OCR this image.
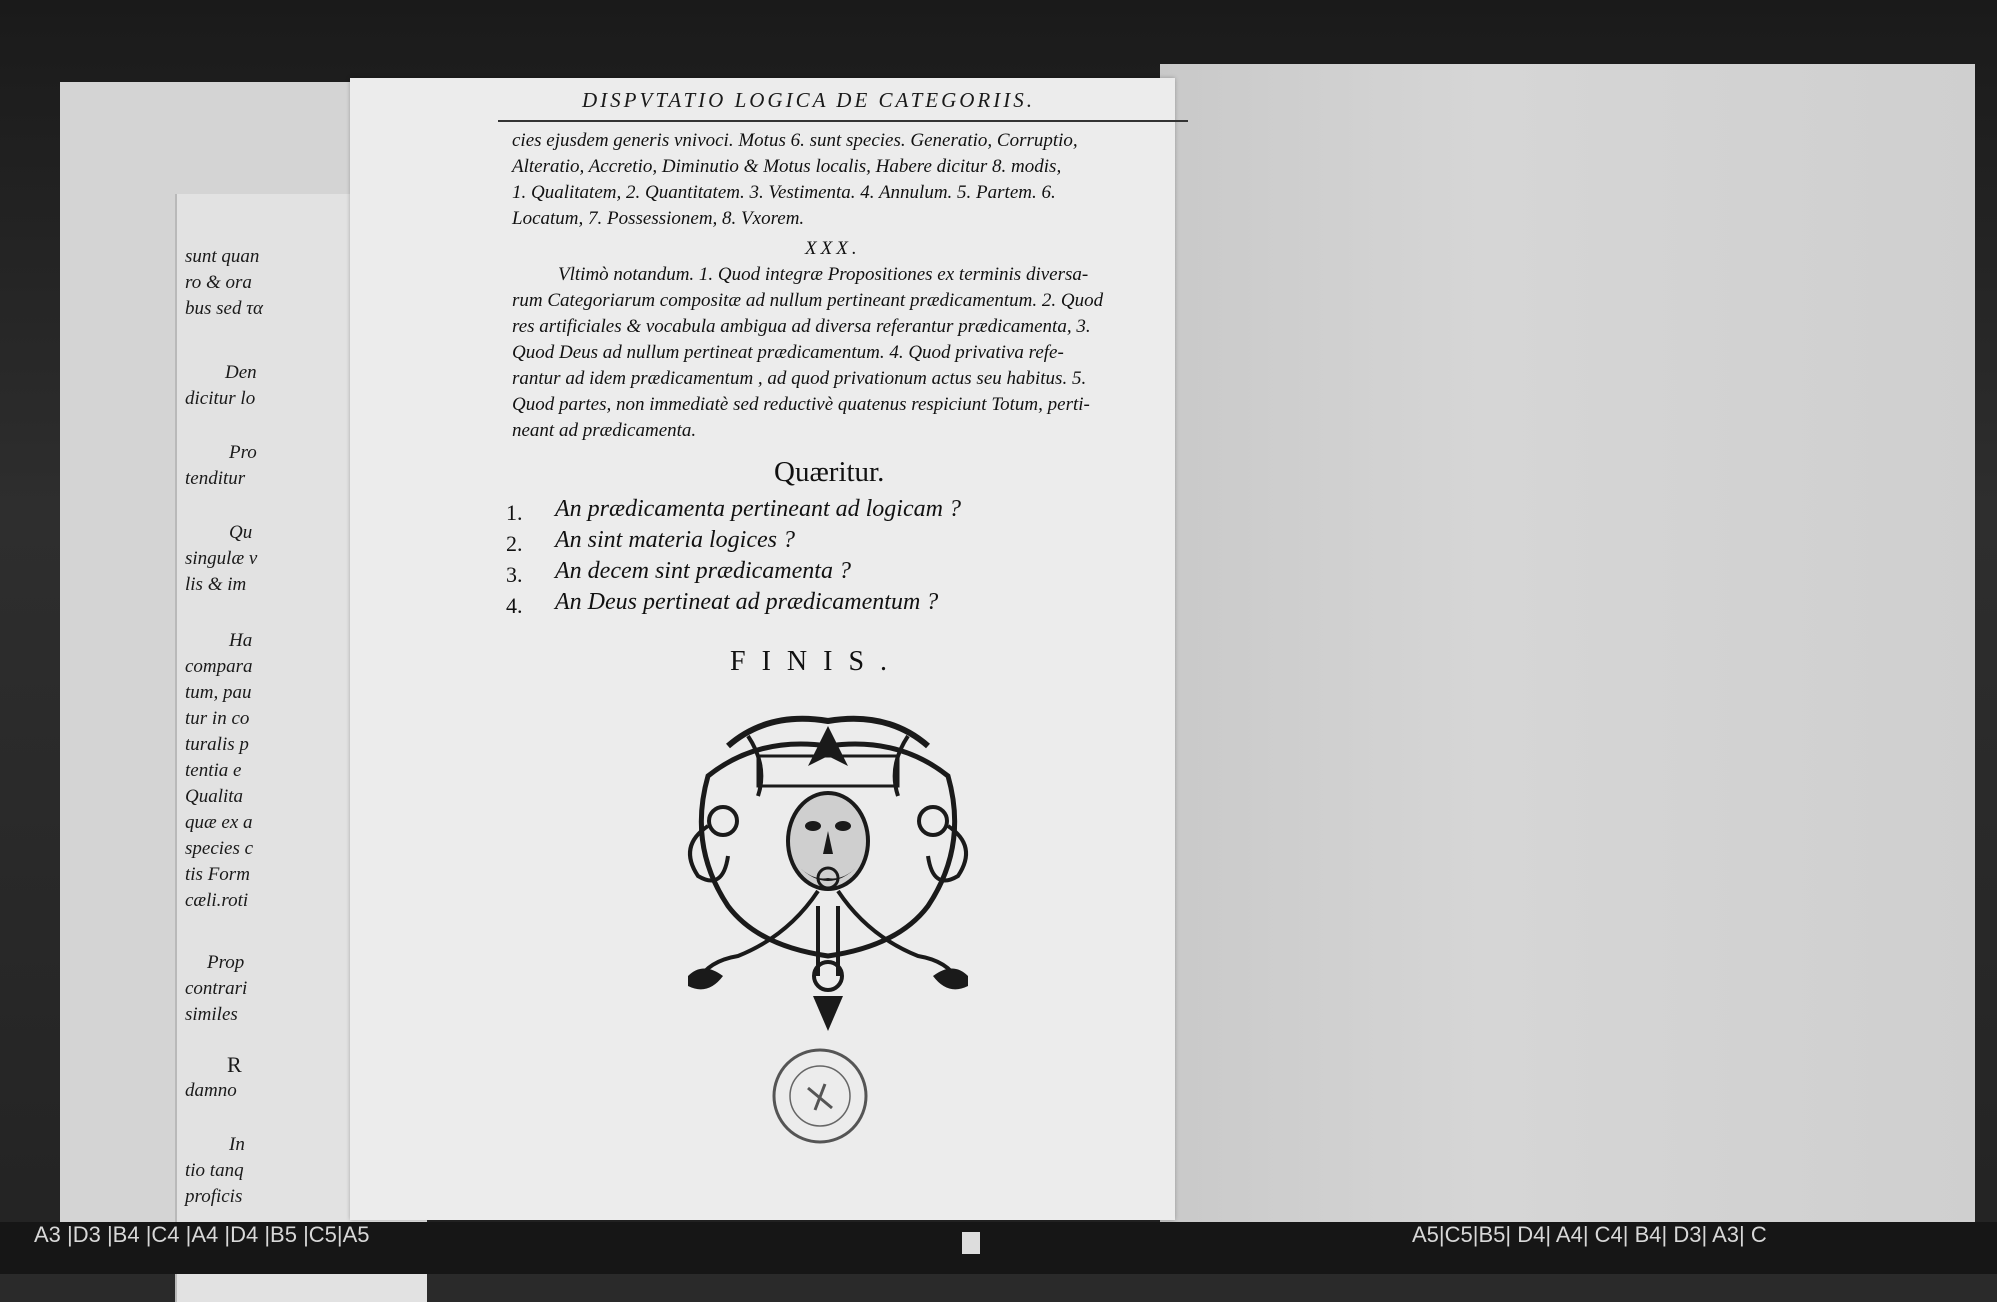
sunt quan
ro & ora
bus sed τα
Den
dicitur lo
Pro
tenditur
Qu
singulæ v
lis & im
Ha
compara
tum, pau
tur in co
turalis p
tentia e
Qualita
quæ ex a
species c
tis Form
cæli.roti
Prop
contrari
similes
R
damno
In
tio tanq
proficis
DISPVTATIO LOGICA DE CATEGORIIS.
cies ejusdem generis vnivoci. Motus 6. sunt species. Generatio, Corruptio,
Alteratio, Accretio, Diminutio & Motus localis, Habere dicitur 8. modis,
1. Qualitatem, 2. Quantitatem. 3. Vestimenta. 4. Annulum. 5. Partem. 6.
Locatum, 7. Possessionem, 8. Vxorem.
XXX.
Vltimò notandum. 1. Quod integræ Propositiones ex terminis diversa-
rum Categoriarum compositæ ad nullum pertineant prædicamentum. 2. Quod
res artificiales & vocabula ambigua ad diversa referantur prædicamenta, 3.
Quod Deus ad nullum pertineat prædicamentum. 4. Quod privativa refe-
rantur ad idem prædicamentum , ad quod privationum actus seu habitus. 5.
Quod partes, non immediatè sed reductivè quatenus respiciunt Totum, perti-
neant ad prædicamenta.
Quæritur.
1. An prædicamenta pertineant ad logicam ?
2. An sint materia logices ?
3. An decem sint prædicamenta ?
4. An Deus pertineat ad prædicamentum ?
FINIS.
A3 |D3 |B4 |C4 |A4 |D4 |B5 |C5|A5	A5|C5|B5| D4| A4| C4| B4| D3| A3| C
